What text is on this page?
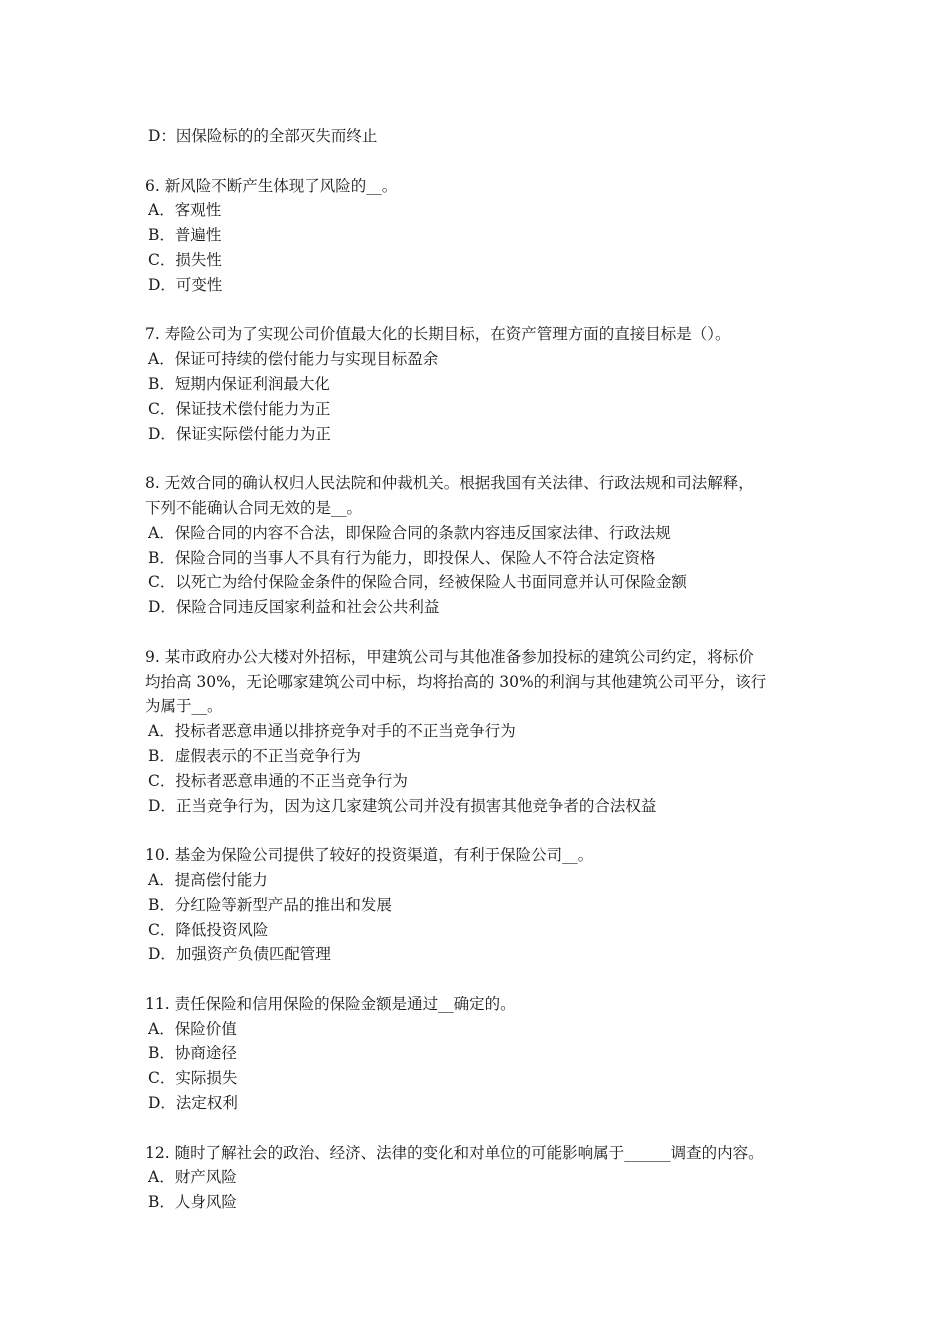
D：因保险标的的全部灭失而终止
6. 新风险不断产生体现了风险的__。
A．客观性
B．普遍性
C．损失性
D．可变性
7. 寿险公司为了实现公司价值最大化的长期目标，在资产管理方面的直接目标是（）。
A．保证可持续的偿付能力与实现目标盈余
B．短期内保证利润最大化
C．保证技术偿付能力为正
D．保证实际偿付能力为正
8. 无效合同的确认权归人民法院和仲裁机关。根据我国有关法律、行政法规和司法解释，
下列不能确认合同无效的是__。
A．保险合同的内容不合法，即保险合同的条款内容违反国家法律、行政法规
B．保险合同的当事人不具有行为能力，即投保人、保险人不符合法定资格
C．以死亡为给付保险金条件的保险合同，经被保险人书面同意并认可保险金额
D．保险合同违反国家利益和社会公共利益
9. 某市政府办公大楼对外招标，甲建筑公司与其他准备参加投标的建筑公司约定，将标价
均抬高 30%，无论哪家建筑公司中标，均将抬高的 30%的利润与其他建筑公司平分，该行
为属于__。
A．投标者恶意串通以排挤竞争对手的不正当竞争行为
B．虚假表示的不正当竞争行为
C．投标者恶意串通的不正当竞争行为
D．正当竞争行为，因为这几家建筑公司并没有损害其他竞争者的合法权益
10. 基金为保险公司提供了较好的投资渠道，有利于保险公司__。
A．提高偿付能力
B．分红险等新型产品的推出和发展
C．降低投资风险
D．加强资产负债匹配管理
11. 责任保险和信用保险的保险金额是通过__确定的。
A．保险价值
B．协商途径
C．实际损失
D．法定权利
12. 随时了解社会的政治、经济、法律的变化和对单位的可能影响属于______调查的内容。
A．财产风险
B．人身风险
